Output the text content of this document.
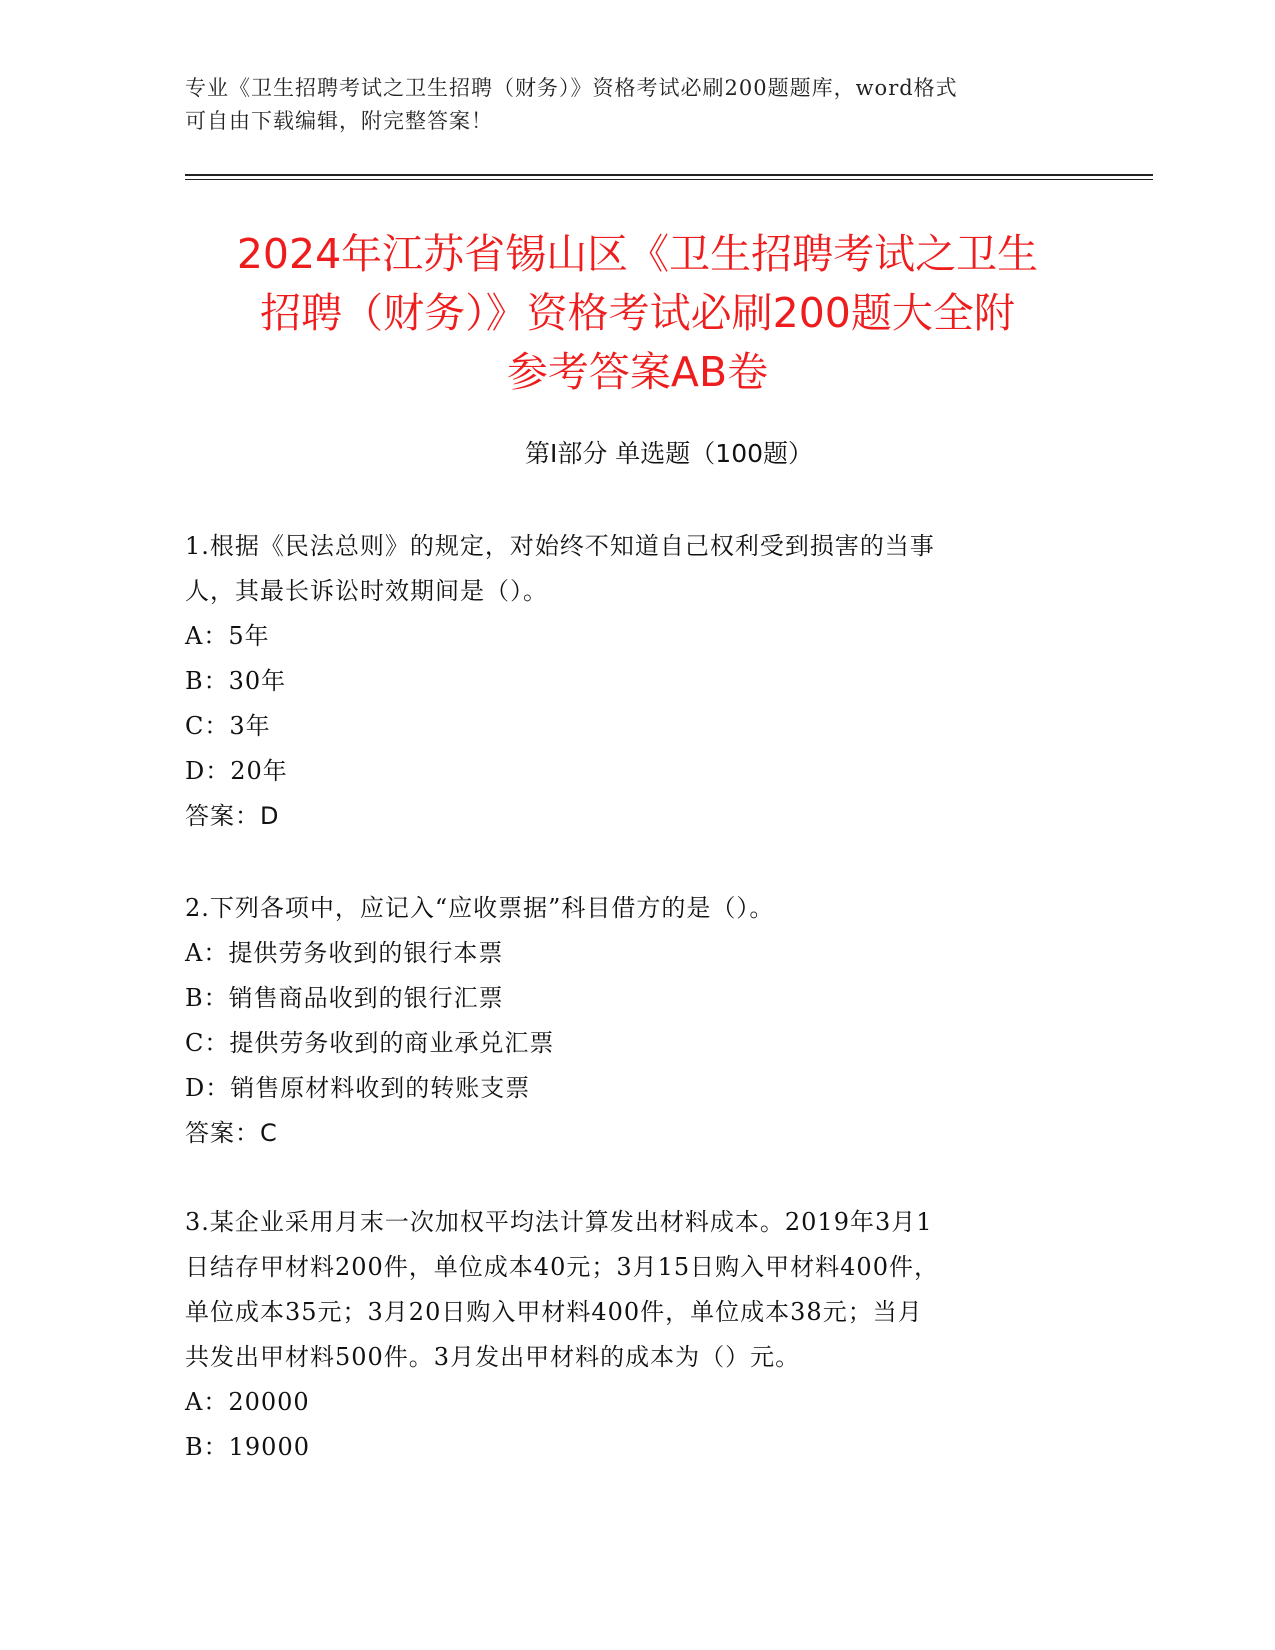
专业《卫生招聘考试之卫生招聘（财务）》资格考试必刷200题题库，word格式
可自由下载编辑，附完整答案！
2024年江苏省锡山区《卫生招聘考试之卫生
招聘（财务）》资格考试必刷200题大全附
参考答案AB卷
第Ⅰ部分 单选题（100题）

1.根据《民法总则》的规定，对始终不知道自己权利受到损害的当事

人，其最长诉讼时效期间是（）。

A：5年

B：30年

C：3年

D：20年

答案：D

2.下列各项中，应记入“应收票据”科目借方的是（）。

A：提供劳务收到的银行本票

B：销售商品收到的银行汇票

C：提供劳务收到的商业承兑汇票

D：销售原材料收到的转账支票

答案：C

3.某企业采用月末一次加权平均法计算发出材料成本。2019年3月1

日结存甲材料200件，单位成本40元；3月15日购入甲材料400件，

单位成本35元；3月20日购入甲材料400件，单位成本38元；当月

共发出甲材料500件。3月发出甲材料的成本为（）元。

A：20000

B：19000
